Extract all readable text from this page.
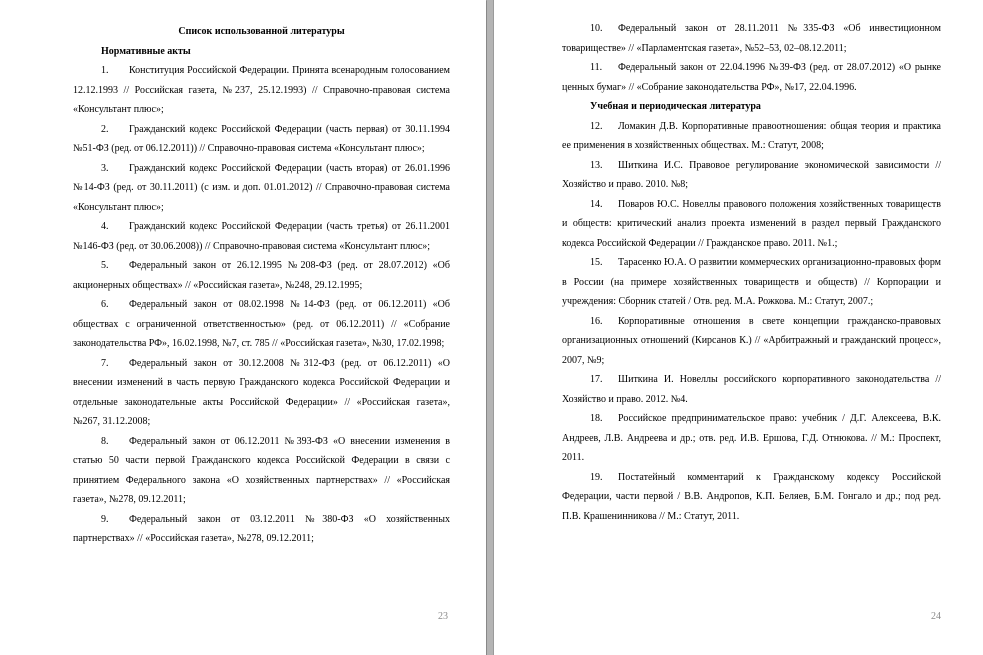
Список использованной литературы

Нормативные акты

1. Конституция Российской Федерации. Принята всенародным голосованием 12.12.1993 // Российская газета, №237, 25.12.1993) // Справочно-правовая система «Консультант плюс»;

2. Гражданский кодекс Российской Федерации (часть первая) от 30.11.1994 №51-ФЗ (ред. от 06.12.2011)) // Справочно-правовая система «Консультант плюс»;

3. Гражданский кодекс Российской Федерации (часть вторая) от 26.01.1996 №14-ФЗ (ред. от 30.11.2011) (с изм. и доп. 01.01.2012) // Справочно-правовая система «Консультант плюс»;

4. Гражданский кодекс Российской Федерации (часть третья) от 26.11.2001 №146-ФЗ (ред. от 30.06.2008)) // Справочно-правовая система «Консультант плюс»;

5. Федеральный закон от 26.12.1995 №208-ФЗ (ред. от 28.07.2012) «Об акционерных обществах» // «Российская газета», №248, 29.12.1995;

6. Федеральный закон от 08.02.1998 №14-ФЗ (ред. от 06.12.2011) «Об обществах с ограниченной ответственностью» (ред. от 06.12.2011) // «Собрание законодательства РФ», 16.02.1998, №7, ст. 785 // «Российская газета», №30, 17.02.1998;

7. Федеральный закон от 30.12.2008 №312-ФЗ (ред. от 06.12.2011) «О внесении изменений в часть первую Гражданского кодекса Российской Федерации и отдельные законодательные акты Российской Федерации» // «Российская газета», №267, 31.12.2008;

8. Федеральный закон от 06.12.2011 №393-ФЗ «О внесении изменения в статью 50 части первой Гражданского кодекса Российской Федерации в связи с принятием Федерального закона «О хозяйственных партнерствах» // «Российская газета», №278, 09.12.2011;

9. Федеральный закон от 03.12.2011 №380-ФЗ «О хозяйственных партнерствах» // «Российская газета», №278, 09.12.2011;

23

10. Федеральный закон от 28.11.2011 №335-ФЗ «Об инвестиционном товариществе» // «Парламентская газета», №52–53, 02–08.12.2011;

11. Федеральный закон от 22.04.1996 №39-ФЗ (ред. от 28.07.2012) «О рынке ценных бумаг» // «Собрание законодательства РФ», №17, 22.04.1996.

Учебная и периодическая литература

12. Ломакин Д.В. Корпоративные правоотношения: общая теория и практика ее применения в хозяйственных обществах. М.: Статут, 2008;

13. Шиткина И.С. Правовое регулирование экономической зависимости // Хозяйство и право. 2010. №8;

14. Поваров Ю.С. Новеллы правового положения хозяйственных товариществ и обществ: критический анализ проекта изменений в раздел первый Гражданского кодекса Российской Федерации // Гражданское право. 2011. №1.;

15. Тарасенко Ю.А. О развитии коммерческих организационно-правовых форм в России (на примере хозяйственных товариществ и обществ) // Корпорации и учреждения: Сборник статей / Отв. ред. М.А. Рожкова. М.: Статут, 2007.;

16. Корпоративные отношения в свете концепции гражданско-правовых организационных отношений (Кирсанов К.) // «Арбитражный и гражданский процесс», 2007, №9;

17. Шиткина И. Новеллы российского корпоративного законодательства // Хозяйство и право. 2012. №4.

18. Российское предпринимательское право: учебник / Д.Г. Алексеева, В.К. Андреев, Л.В. Андреева и др.; отв. ред. И.В. Ершова, Г.Д. Отнюкова. // М.: Проспект, 2011.

19. Постатейный комментарий к Гражданскому кодексу Российской Федерации, части первой / В.В. Андропов, К.П. Беляев, Б.М. Гонгало и др.; под ред. П.В. Крашенинникова // М.: Статут, 2011.

24
